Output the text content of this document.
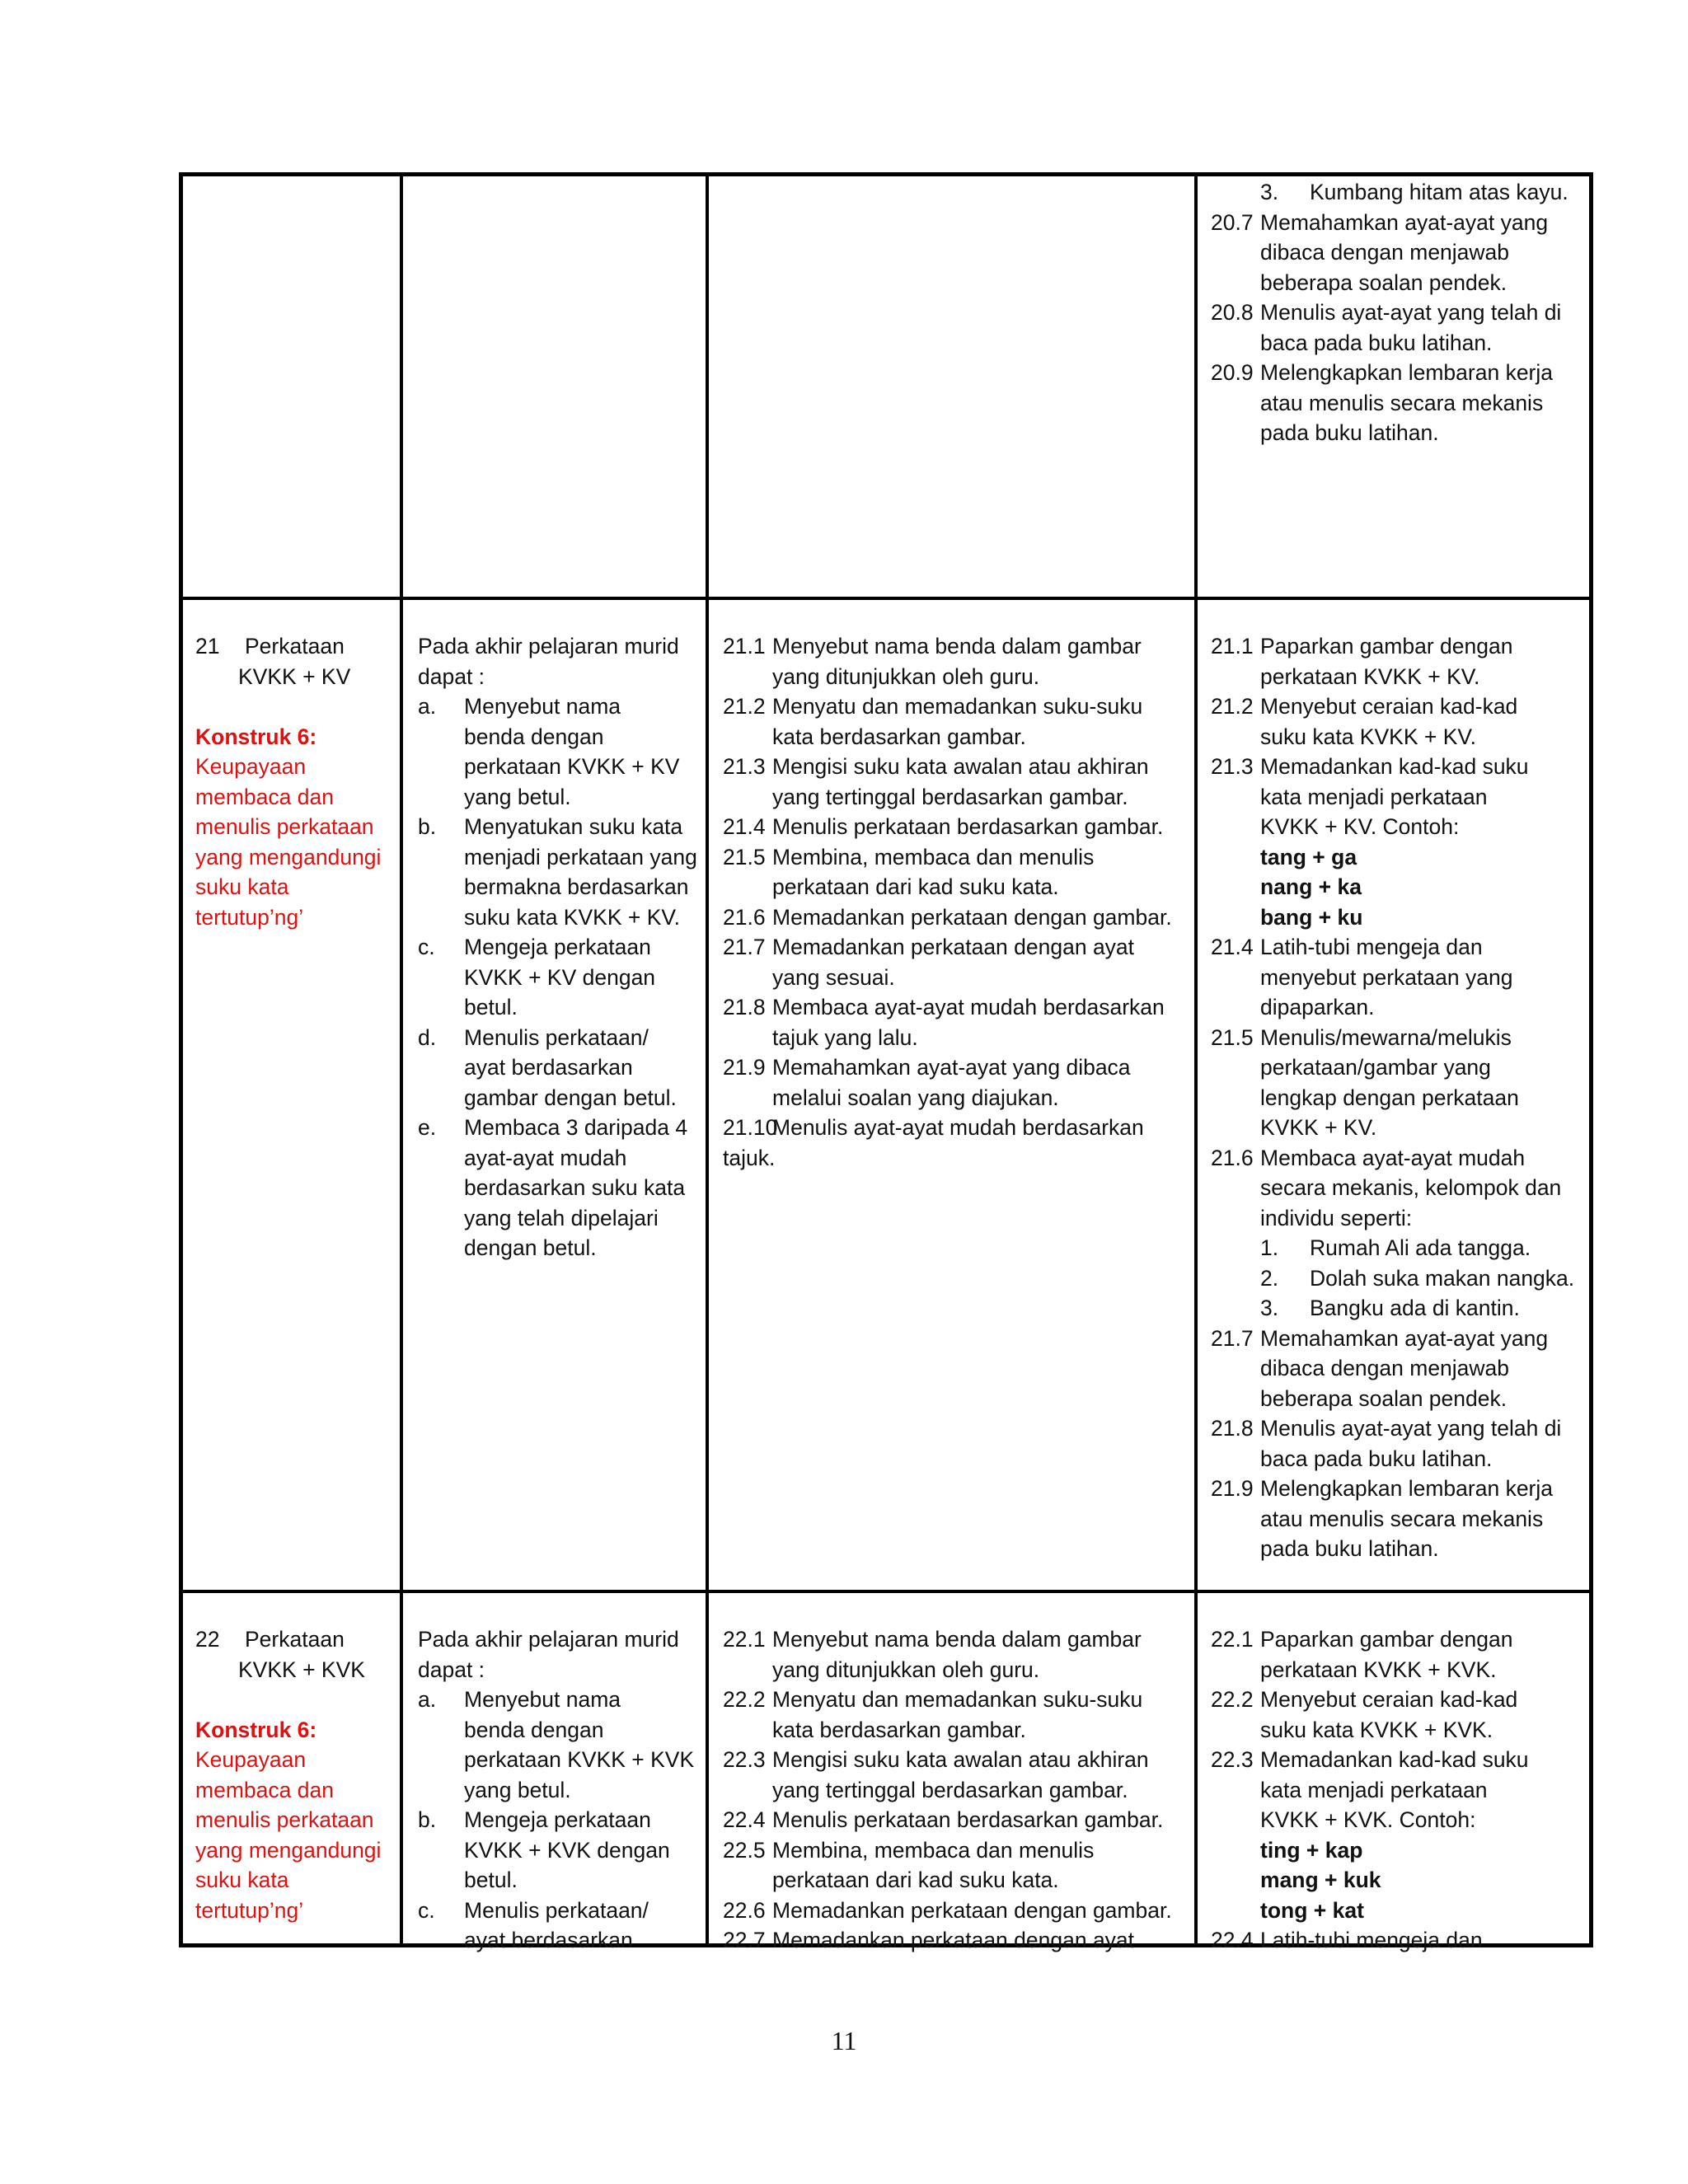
3. Kumbang hitam atas kayu.
20.7 Memahamkan ayat-ayat yang
dibaca dengan menjawab
beberapa soalan pendek.
20.8 Menulis ayat-ayat yang telah di
baca pada buku latihan.
20.9 Melengkapkan lembaran kerja
atau menulis secara mekanis
pada buku latihan.
21 Perkataan
KVKK + KV

Konstruk 6:
Keupayaan
membaca dan
menulis perkataan
yang mengandungi
suku kata
tertutup’ng’
Pada akhir pelajaran murid
dapat :
a. Menyebut nama
benda dengan
perkataan KVKK + KV
yang betul.
b. Menyatukan suku kata
menjadi perkataan yang
bermakna berdasarkan
suku kata KVKK + KV.
c. Mengeja perkataan
KVKK + KV dengan
betul.
d. Menulis perkataan/
ayat berdasarkan
gambar dengan betul.
e. Membaca 3 daripada 4
ayat-ayat mudah
berdasarkan suku kata
yang telah dipelajari
dengan betul.
21.1 Menyebut nama benda dalam gambar
yang ditunjukkan oleh guru.
21.2 Menyatu dan memadankan suku-suku
kata berdasarkan gambar.
21.3 Mengisi suku kata awalan atau akhiran
yang tertinggal berdasarkan gambar.
21.4 Menulis perkataan berdasarkan gambar.
21.5 Membina, membaca dan menulis
perkataan dari kad suku kata.
21.6 Memadankan perkataan dengan gambar.
21.7 Memadankan perkataan dengan ayat
yang sesuai.
21.8 Membaca ayat-ayat mudah berdasarkan
tajuk yang lalu.
21.9 Memahamkan ayat-ayat yang dibaca
melalui soalan yang diajukan.
21.10Menulis ayat-ayat mudah berdasarkan
tajuk.
21.1 Paparkan gambar dengan
perkataan KVKK + KV.
21.2 Menyebut ceraian kad-kad
suku kata KVKK + KV.
21.3 Memadankan kad-kad suku
kata menjadi perkataan
KVKK + KV. Contoh:
tang + ga
nang + ka
bang + ku
21.4 Latih-tubi mengeja dan
menyebut perkataan yang
dipaparkan.
21.5 Menulis/mewarna/melukis
perkataan/gambar yang
lengkap dengan perkataan
KVKK + KV.
21.6 Membaca ayat-ayat mudah
secara mekanis, kelompok dan
individu seperti:
1. Rumah Ali ada tangga.
2. Dolah suka makan nangka.
3. Bangku ada di kantin.
21.7 Memahamkan ayat-ayat yang
dibaca dengan menjawab
beberapa soalan pendek.
21.8 Menulis ayat-ayat yang telah di
baca pada buku latihan.
21.9 Melengkapkan lembaran kerja
atau menulis secara mekanis
pada buku latihan.
22 Perkataan
KVKK + KVK

Konstruk 6:
Keupayaan
membaca dan
menulis perkataan
yang mengandungi
suku kata
tertutup’ng’
Pada akhir pelajaran murid
dapat :
a. Menyebut nama
benda dengan
perkataan KVKK + KVK
yang betul.
b. Mengeja perkataan
KVKK + KVK dengan
betul.
c. Menulis perkataan/
ayat berdasarkan
22.1 Menyebut nama benda dalam gambar
yang ditunjukkan oleh guru.
22.2 Menyatu dan memadankan suku-suku
kata berdasarkan gambar.
22.3 Mengisi suku kata awalan atau akhiran
yang tertinggal berdasarkan gambar.
22.4 Menulis perkataan berdasarkan gambar.
22.5 Membina, membaca dan menulis
perkataan dari kad suku kata.
22.6 Memadankan perkataan dengan gambar.
22.7 Memadankan perkataan dengan ayat
22.1 Paparkan gambar dengan
perkataan KVKK + KVK.
22.2 Menyebut ceraian kad-kad
suku kata KVKK + KVK.
22.3 Memadankan kad-kad suku
kata menjadi perkataan
KVKK + KVK. Contoh:
ting + kap
mang + kuk
tong + kat
22.4 Latih-tubi mengeja dan
11
